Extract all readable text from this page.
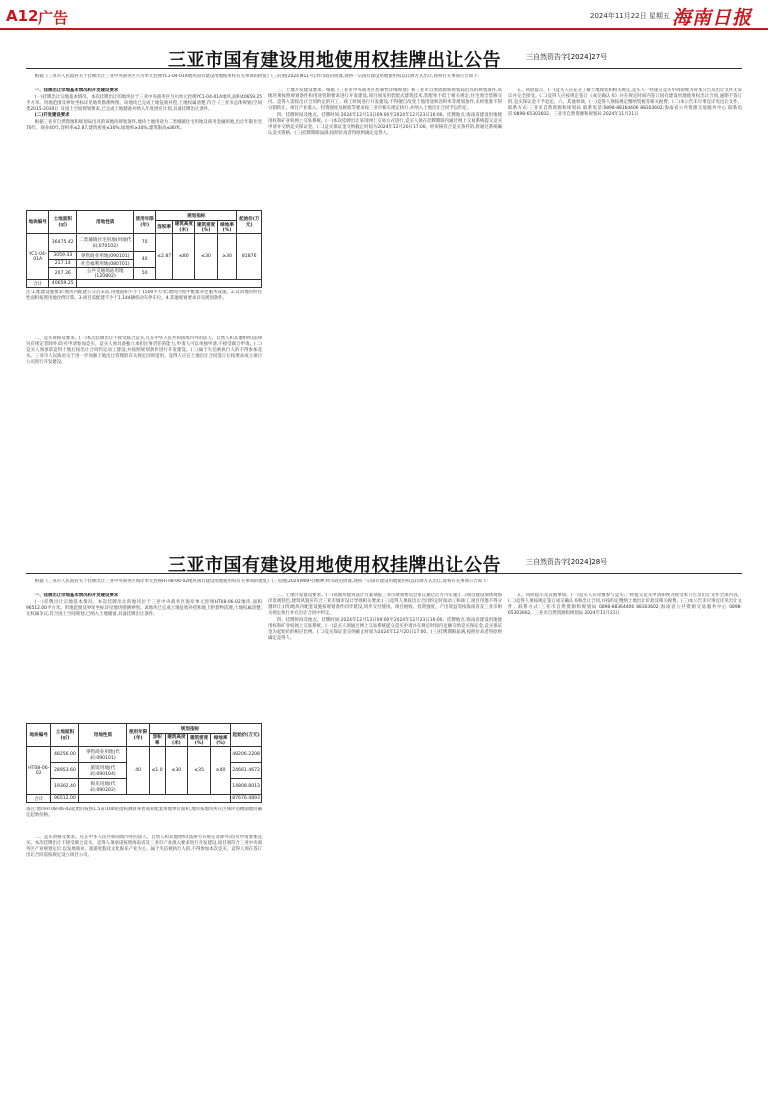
A12 广告	2024年11月22日 星期五 海南日报
三亚市国有建设用地使用权挂牌出让公告	三自然资告字[2024]27号
根据《三亚市人民政府关于挂牌出让三亚中央商务区月川单元控规YC1-04-01A地块国有建设用地使用权有关事项的批复》(三府函[2024]911号),经市政府批准,现将一宗国有建设用地使用权以挂牌方式出让,现将有关事项公告如下:
一、挂牌出让宗地基本情况和开发建设要求
(一)挂牌出让宗地基本情况。本次挂牌出让的地块位于三亚中央商务区月川单元控规YC1-04-01A地块,面积40659.25平方米。用地范围及界址坐标详见地块勘测界图。该地块已完成土地征收补偿,土地权属清楚,符合《三亚市总体规划(空间类2015-2030)》及国土空间规划要求,已完成土地储备并纳入年度供应计划,具备挂牌出让条件。
(二)开发建设要求
根据三亚市自然资源和规划局出具的该地块规划条件,地块土地用途为二类城镇住宅用地及商务金融用地,出让年限住宅70年、商业40年,容积率≤2.87,建筑密度≤30%,绿地率≥30%,建筑限高≤80米。
地块编号	土地面积(㎡)	用地性质	使用年限(年)	规划指标				起始价(万元)
				容积率	建筑高度(米)	建筑密度(%)	绿地率(%)	
YC1-04-01A	36475.42	二类城镇住宅用地(用地代码:070102)	70	≤2.87	≤80	≤30	≥30	81876
	3059.33	零售商业用地(090101)	40					
	217.14	社会福利用地(080701)						
	207.36	公共交通场站用地(120802)	50					
合计	40659.25							
注:1.配建设施要求:地块内配建公交首末站,用地面积不小于1500平方米;地块内集中配建养老服务设施。2.其余地块经营性面积按照用地比例计算。3.项目需配建不少于1,144辆机动车停车位。4.其他规划要求详见规划条件。
二、竞买资格及要求。(一)本次挂牌出让不接受联合竞买,凡在中华人民共和国境内外的法人、自然人和其他组织(法律另有规定者除外)均可申请参加竞买。竞买人须具备独立承担民事责任的能力,申请人可以单独申请,不接受联合申请。(二)竞买人须承诺竞得土地后按出让合同约定动工建设,并按照规划条件进行开发建设。(三)属于失信被执行人的不得参加竞买。三亚市人民政府关于进一步加强土地出让管理的有关规定同时适用。竞得人应在土地出让合同签订后按要求成立项目公司进行开发建设。
三、土地开发建设要求。根据《三亚市中央商务区控制性详细规划》和三亚市自然资源和规划局出具的规划条件,该地块须按照规划条件和用途管制要求进行开发建设,项目须采用装配式建筑技术,装配率不低于相关规定;住宅须全装修交付。竞得人需按出让合同约定的开工、竣工时间进行开发建设,不得擅自改变土地用途和容积率等规划条件,未经批准不得分割转让。项目产业准入、投资强度及税收等要求按三亚市相关规定执行,并纳入土地出让合同予以约定。
四、挂牌时间及地点。挂牌时间:2024年12月13日09:00至2024年12月23日16:00。挂牌地点:海南省建设用地使用权和矿业权网上交易系统。(一)本次挂牌出让采用网上交易方式进行,竞买人须在挂牌期限内通过网上交易系统提交竞买申请并交纳竞买保证金。(二)竞买保证金交纳截止时间为2024年12月20日17:00。经审核符合竞买条件的,将通过系统确认竞买资格。(三)挂牌期限届满,按照价高者得原则确定竞得人。
五、风险提示。(一)竞买人应充分了解土地现状和相关规定,竞买人一经递交竞买申请即视为对本公告及出让文件无异议并完全接受。(二)竞得人应按规定签订《成交确认书》并在规定时间内签订国有建设用地使用权出让合同,逾期不签订的,竞买保证金不予退还。六、其他事项。(一)竞得人须按规定缴纳契税等相关税费。(二)本公告未尽事宜详见出让文件。联系方式:三亚市自然资源和规划局 联系电话:0898-88364406 88303602;海南省公共资源交易服务中心 联系电话:0898-65303602。三亚市自然资源和规划局 2024年11月21日
三亚市国有建设用地使用权挂牌出让公告	三自然资告字[2024]28号
根据《三亚市人民政府关于挂牌出让三亚中央商务区海岸单元控规HT08-06-02地块国有建设用地使用权有关事项的批复》(三府函[2024]909号)精神,经市政府批准,现将一宗国有建设用地使用权以挂牌方式出让,现将有关事项公告如下:
一、挂牌出让宗地基本情况和开发建设要求
(一)挂牌出让宗地基本情况。本次挂牌出让的地块位于三亚中央商务区海岸单元控规HT08-06-02地块,面积96512.00平方米。用地范围及界址坐标详见地块勘测界图。该地块已完成土地征收补偿和地上附着物清理,土地权属清楚,无权属争议,符合国土空间规划,已纳入土地储备,具备挂牌出让条件。
地块编号	土地面积(㎡)	用地性质	使用年限(年)	规划指标				起始价(万元)
				容积率	建筑高度(米)	建筑密度(%)	绿地率(%)	
HT08-06-02	48256.00	零售商业用地(代码:090101)	40	≤1.0	≤30	≤35	≥40	48206.2208
	28953.60	旅馆用地(代码:090104)						24661.4672
	19302.40	娱乐用地(代码:090202)						14808.8013
合计	96512.00							87676.4893
备注:地块HT08-06-02起始价按照1.5亩/100㎡指标测算零售商业配套用地单位面积,地块按地块所在区域评估楼面地价确定起始价格。
二、竞买资格及要求。凡在中华人民共和国境内外的法人、自然人和其他组织(法律另有规定者除外)均可申请参加竞买。本次挂牌出让不接受联合竞买。竞得人须承诺按照海南省及三亚市产业准入要求进行开发建设,项目须符合三亚中央商务区产业规划定位,以发展商业、旅游度假及文化娱乐产业为主。属于失信被执行人的,不得参加本次竞买。竞得人须在签订出让合同前按规定设立项目公司。
三、土地开发建设要求。(一)该地块建筑设计方案须报三亚市规划委员会审议通过后方可实施;(二)项目建设须体现海岸景观特色,建筑风貌应符合三亚市城市设计导则相关要求;(三)竞得人须按出让合同约定时间动工和竣工,项目用地不得分割转让;(四)地块内配套设施按规划条件同步建设,同步交付使用。项目税收、投资强度、产出效益等按海南省及三亚市相关规定执行并在出让合同中约定。
四、挂牌时间及地点。挂牌时间:2024年12月13日09:00至2024年12月23日16:00。挂牌地点:海南省建设用地使用权和矿业权网上交易系统。(一)竞买人须通过网上交易系统提交竞买申请并在规定时间内足额交纳竞买保证金,竞买保证金为起始价的相应比例。(二)竞买保证金交纳截止时间为2024年12月20日17:00。(三)挂牌期限届满,按照价高者得原则确定竞得人。
五、风险提示及其他事项。(一)竞买人应审慎参与竞买,一经提交竞买申请即视为接受本公告及出让文件全部内容。(二)竞得人须按规定签订成交确认书和出让合同,并按约定缴纳土地出让价款及相关税费。(三)本公告未尽事宜详见出让文件。联系方式:三亚市自然资源和规划局 0898-88364406 88303602;海南省公共资源交易服务中心 0898-65303602。三亚市自然资源和规划局 2024年11月21日
